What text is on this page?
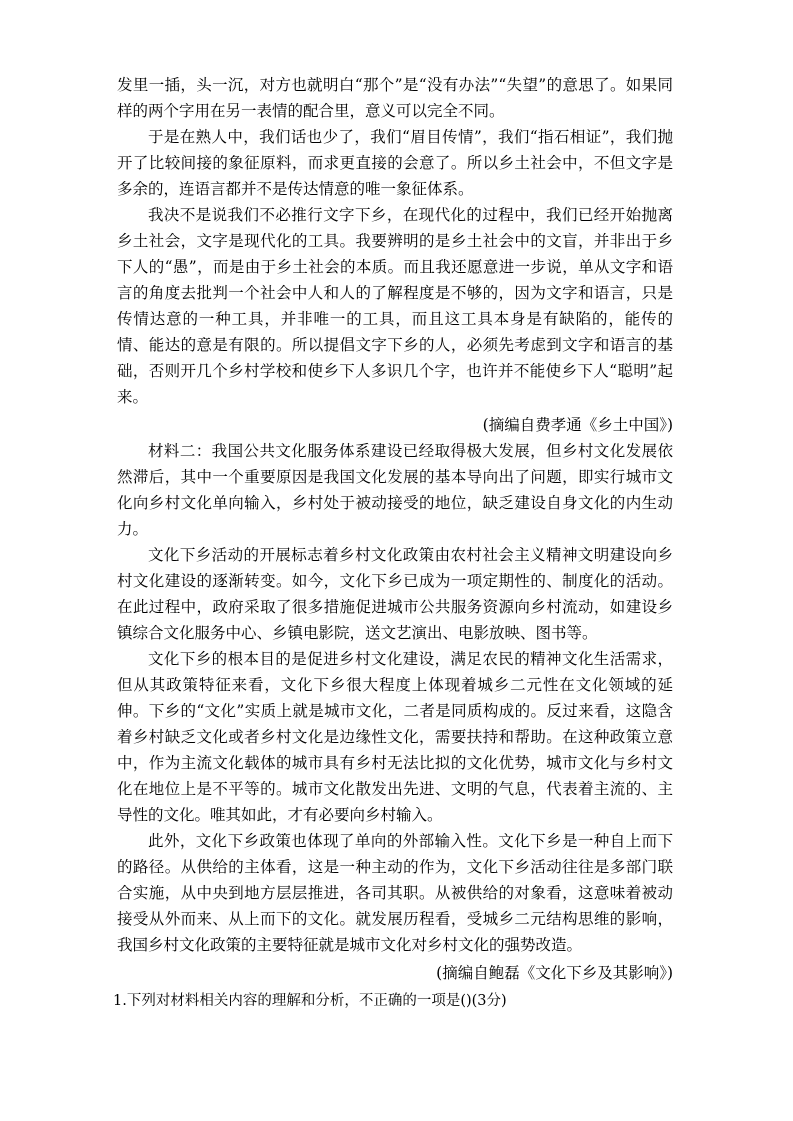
发里一插，头一沉，对方也就明白“那个”是“没有办法”“失望”的意思了。如果同样的两个字用在另一表情的配合里，意义可以完全不同。

于是在熟人中，我们话也少了，我们“眉目传情”，我们“指石相证”，我们抛开了比较间接的象征原料，而求更直接的会意了。所以乡土社会中，不但文字是多余的，连语言都并不是传达情意的唯一象征体系。

我决不是说我们不必推行文字下乡，在现代化的过程中，我们已经开始抛离乡土社会，文字是现代化的工具。我要辨明的是乡土社会中的文盲，并非出于乡下人的“愚”，而是由于乡土社会的本质。而且我还愿意进一步说，单从文字和语言的角度去批判一个社会中人和人的了解程度是不够的，因为文字和语言，只是传情达意的一种工具，并非唯一的工具，而且这工具本身是有缺陷的，能传的情、能达的意是有限的。所以提倡文字下乡的人，必须先考虑到文字和语言的基础，否则开几个乡村学校和使乡下人多识几个字，也许并不能使乡下人“聪明”起来。

(摘编自费孝通《乡土中国》)

材料二：我国公共文化服务体系建设已经取得极大发展，但乡村文化发展依然滞后，其中一个重要原因是我国文化发展的基本导向出了问题，即实行城市文化向乡村文化单向输入，乡村处于被动接受的地位，缺乏建设自身文化的内生动力。

文化下乡活动的开展标志着乡村文化政策由农村社会主义精神文明建设向乡村文化建设的逐渐转变。如今，文化下乡已成为一项定期性的、制度化的活动。在此过程中，政府采取了很多措施促进城市公共服务资源向乡村流动，如建设乡镇综合文化服务中心、乡镇电影院，送文艺演出、电影放映、图书等。

文化下乡的根本目的是促进乡村文化建设，满足农民的精神文化生活需求，但从其政策特征来看，文化下乡很大程度上体现着城乡二元性在文化领域的延伸。下乡的“文化”实质上就是城市文化，二者是同质构成的。反过来看，这隐含着乡村缺乏文化或者乡村文化是边缘性文化，需要扶持和帮助。在这种政策立意中，作为主流文化载体的城市具有乡村无法比拟的文化优势，城市文化与乡村文化在地位上是不平等的。城市文化散发出先进、文明的气息，代表着主流的、主导性的文化。唯其如此，才有必要向乡村输入。

此外，文化下乡政策也体现了单向的外部输入性。文化下乡是一种自上而下的路径。从供给的主体看，这是一种主动的作为，文化下乡活动往往是多部门联合实施，从中央到地方层层推进，各司其职。从被供给的对象看，这意味着被动接受从外而来、从上而下的文化。就发展历程看，受城乡二元结构思维的影响，我国乡村文化政策的主要特征就是城市文化对乡村文化的强势改造。

(摘编自鲍磊《文化下乡及其影响》)

1.下列对材料相关内容的理解和分析，不正确的一项是()(3分)
